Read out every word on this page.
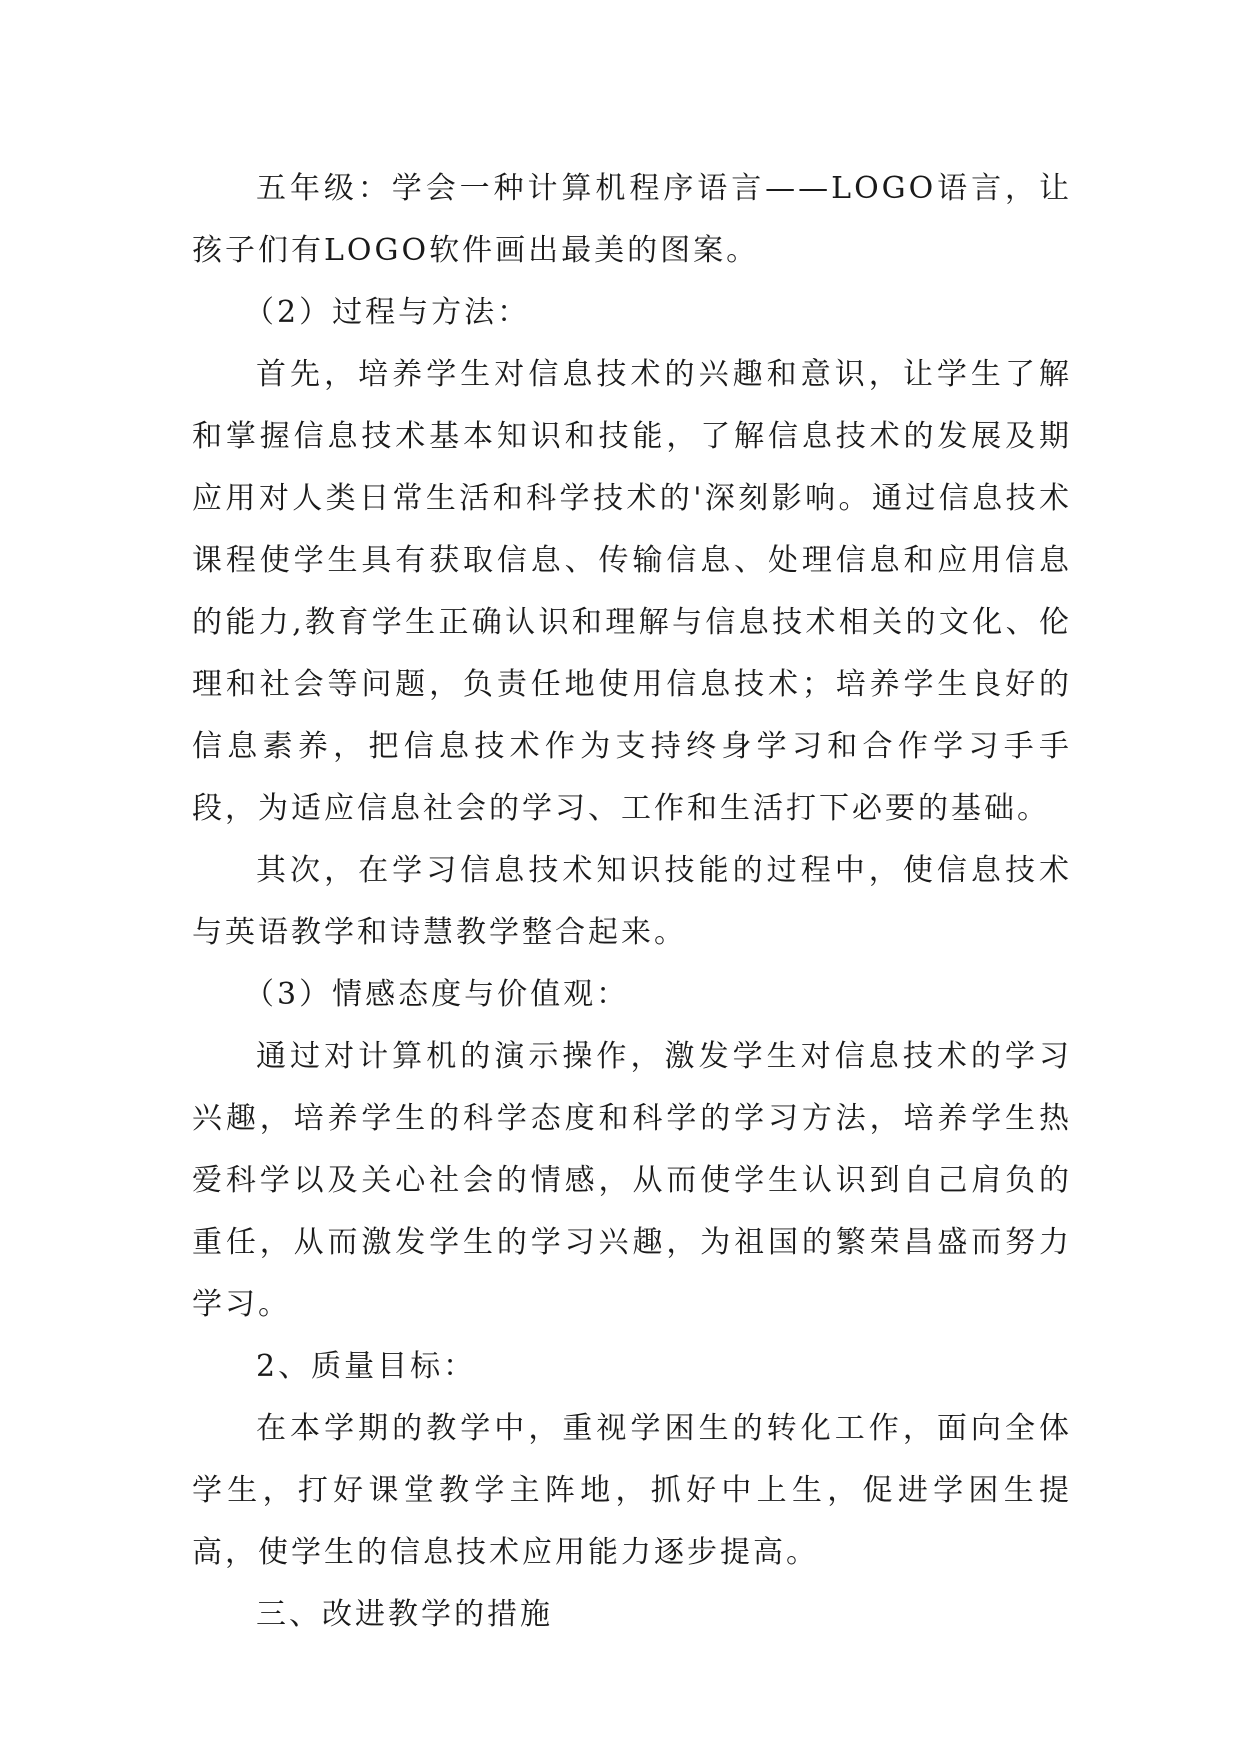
五年级：学会一种计算机程序语言——LOGO语言，让孩子们有LOGO软件画出最美的图案。

（2）过程与方法：

首先，培养学生对信息技术的兴趣和意识，让学生了解和掌握信息技术基本知识和技能，了解信息技术的发展及期应用对人类日常生活和科学技术的'深刻影响。通过信息技术课程使学生具有获取信息、传输信息、处理信息和应用信息的能力,教育学生正确认识和理解与信息技术相关的文化、伦理和社会等问题，负责任地使用信息技术；培养学生良好的信息素养，把信息技术作为支持终身学习和合作学习手手段，为适应信息社会的学习、工作和生活打下必要的基础。

其次，在学习信息技术知识技能的过程中，使信息技术与英语教学和诗慧教学整合起来。

（3）情感态度与价值观：

通过对计算机的演示操作，激发学生对信息技术的学习兴趣，培养学生的科学态度和科学的学习方法，培养学生热爱科学以及关心社会的情感，从而使学生认识到自己肩负的重任，从而激发学生的学习兴趣，为祖国的繁荣昌盛而努力学习。

2、质量目标：

在本学期的教学中，重视学困生的转化工作，面向全体学生，打好课堂教学主阵地，抓好中上生，促进学困生提高，使学生的信息技术应用能力逐步提高。

三、改进教学的措施
